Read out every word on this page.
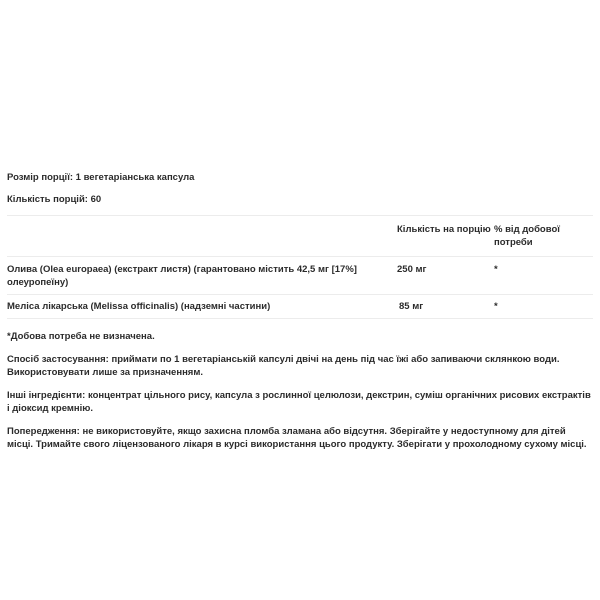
Розмір порції: 1 вегетаріанська капсула

Кількість порцій: 60

	Кількість на порцію	% від добової потреби
Олива (Olea europaea) (екстракт листя) (гарантовано містить 42,5 мг [17%] олеуропеїну)	250 мг	*
Меліса лікарська (Melissa officinalis) (надземні частини)	85 мг	*

*Добова потреба не визначена.

Спосіб застосування: приймати по 1 вегетаріанській капсулі двічі на день під час їжі або запиваючи склянкою води. Використовувати лише за призначенням.

Інші інгредієнти: концентрат цільного рису, капсула з рослинної целюлози, декстрин, суміш органічних рисових екстрактів і діоксид кремнію.

Попередження: не використовуйте, якщо захисна пломба зламана або відсутня. Зберігайте у недоступному для дітей місці. Тримайте свого ліцензованого лікаря в курсі використання цього продукту. Зберігати у прохолодному сухому місці.
